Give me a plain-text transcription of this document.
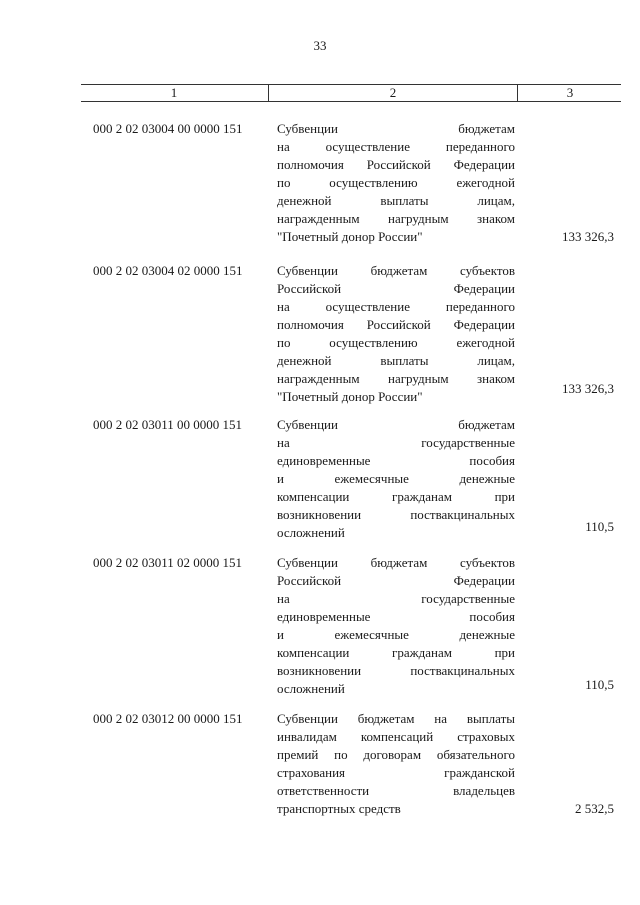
33
1	2	3
000 2 02 03004 00 0000 151	Субвенции бюджетам
на осуществление переданного
полномочия Российской Федерации
по осуществлению ежегодной
денежной выплаты лицам,
награжденным нагрудным знаком
"Почетный донор России"	133 326,3
000 2 02 03004 02 0000 151	Субвенции бюджетам субъектов
Российской Федерации
на осуществление переданного
полномочия Российской Федерации
по осуществлению ежегодной
денежной выплаты лицам,
награжденным нагрудным знаком
"Почетный донор России"
133 326,3
000 2 02 03011 00 0000 151	Субвенции бюджетам
на государственные
единовременные пособия
и ежемесячные денежные
компенсации гражданам при
возникновении поствакцинальных
осложнений	110,5
000 2 02 03011 02 0000 151	Субвенции бюджетам субъектов
Российской Федерации
на государственные
единовременные пособия
и ежемесячные денежные
компенсации гражданам при
возникновении поствакцинальных
осложнений	110,5
000 2 02 03012 00 0000 151	Субвенции бюджетам на выплаты
инвалидам компенсаций страховых
премий по договорам обязательного
страхования гражданской
ответственности владельцев
транспортных средств	2 532,5
